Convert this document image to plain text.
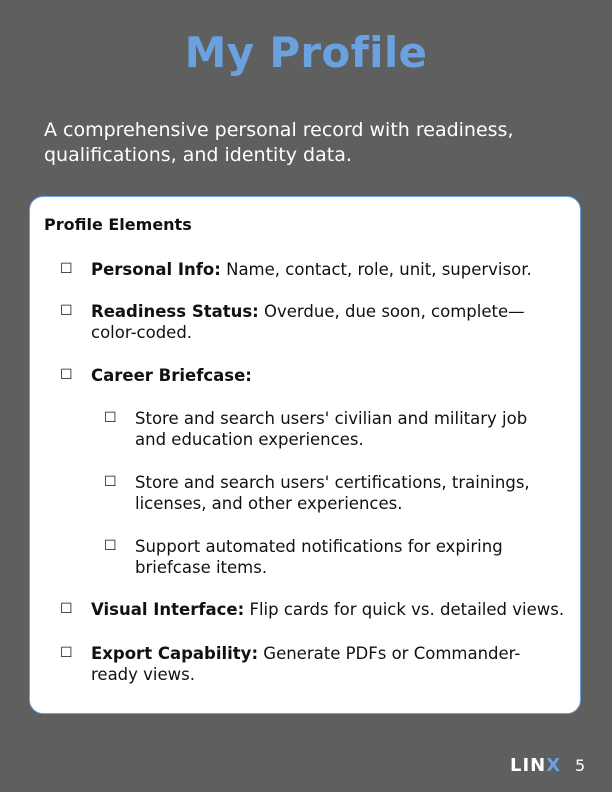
My Profile
A comprehensive personal record with readiness, qualifications, and identity data.
Profile Elements
☐ Personal Info: Name, contact, role, unit, supervisor.
☐ Readiness Status: Overdue, due soon, complete—color-coded.
☐ Career Briefcase:
☐ Store and search users' civilian and military job and education experiences.
☐ Store and search users' certifications, trainings, licenses, and other experiences.
☐ Support automated notifications for expiring briefcase items.
☐ Visual Interface: Flip cards for quick vs. detailed views.
☐ Export Capability: Generate PDFs or Commander-ready views.
LINX 5
